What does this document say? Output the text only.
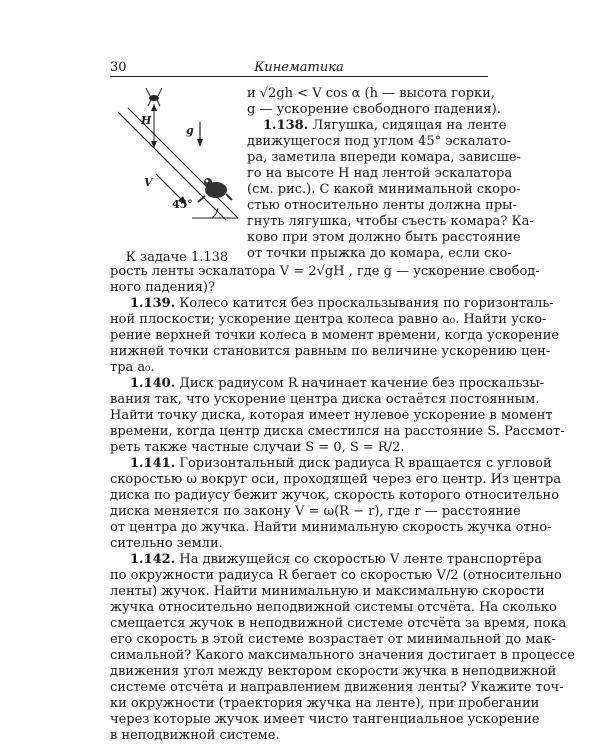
30	Кинематика
H
g
V
45°
К задаче 1.138
и √2gh < V cos α (h — высота горки,
g — ускорение свободного падения).
1.138. Лягушка, сидящая на ленте
движущегося под углом 45° эскалато-
ра, заметила впереди комара, зависше-
го на высоте H над лентой эскалатора
(см. рис.). С какой минимальной скоро-
стью относительно ленты должна пры-
гнуть лягушка, чтобы съесть комара? Ка-
ково при этом должно быть расстояние
от точки прыжка до комара, если ско-
рость ленты эскалатора V = 2√gH , где g — ускорение свобод-
ного падения)?
1.139. Колесо катится без проскальзывания по горизонталь-
ной плоскости; ускорение центра колеса равно a₀. Найти уско-
рение верхней точки колеса в момент времени, когда ускорение
нижней точки становится равным по величине ускорению цен-
тра a₀.
1.140. Диск радиусом R начинает качение без проскальзы-
вания так, что ускорение центра диска остаётся постоянным.
Найти точку диска, которая имеет нулевое ускорение в момент
времени, когда центр диска сместился на расстояние S. Рассмот-
реть также частные случаи S = 0, S = R/2.
1.141. Горизонтальный диск радиуса R вращается с угловой
скоростью ω вокруг оси, проходящей через его центр. Из центра
диска по радиусу бежит жучок, скорость которого относительно
диска меняется по закону V = ω(R − r), где r — расстояние
от центра до жучка. Найти минимальную скорость жучка отно-
сительно земли.
1.142. На движущейся со скоростью V ленте транспортёра
по окружности радиуса R бегает со скоростью V/2 (относительно
ленты) жучок. Найти минимальную и максимальную скорости
жучка относительно неподвижной системы отсчёта. На сколько
смещается жучок в неподвижной системе отсчёта за время, пока
его скорость в этой системе возрастает от минимальной до мак-
симальной? Какого максимального значения достигает в процессе
движения угол между вектором скорости жучка в неподвижной
системе отсчёта и направлением движения ленты? Укажите точ-
ки окружности (траектория жучка на ленте), при пробегании
через которые жучок имеет чисто тангенциальное ускорение
в неподвижной системе.
